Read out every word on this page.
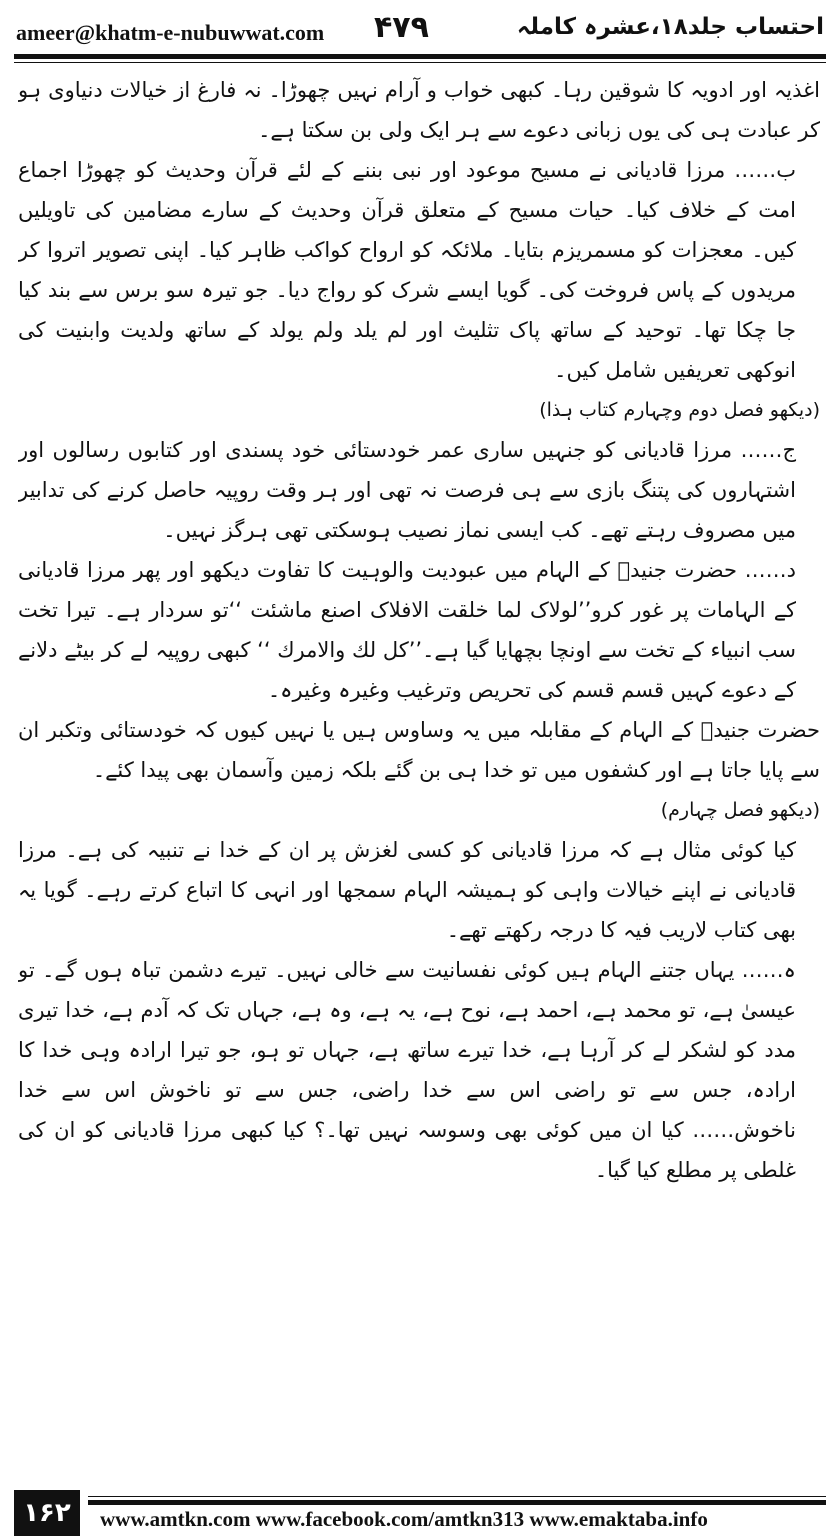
ameer@khatm-e-nubuwwat.com ۴۷۹	احتساب جلد۱۸،عشرہ کاملہ

اغذیہ اور ادویہ کا شوقین رہا۔ کبھی خواب و آرام نہیں چھوڑا۔ نہ فارغ از خیالات دنیاوی ہو کر عبادت ہی کی یوں زبانی دعوے سے ہر ایک ولی بن سکتا ہے۔

ب…… مرزا قادیانی نے مسیح موعود اور نبی بننے کے لئے قرآن وحدیث کو چھوڑا اجماع امت کے خلاف کیا۔ حیات مسیح کے متعلق قرآن وحدیث کے سارے مضامین کی تاویلیں کیں۔ معجزات کو مسمریزم بتایا۔ ملائکہ کو ارواح کواکب ظاہر کیا۔ اپنی تصویر اتروا کر مریدوں کے پاس فروخت کی۔ گویا ایسے شرک کو رواج دیا۔ جو تیرہ سو برس سے بند کیا جا چکا تھا۔ توحید کے ساتھ پاک تثلیث اور لم یلد ولم یولد کے ساتھ ولدیت وابنیت کی انوکھی تعریفیں شامل کیں۔

(دیکھو فصل دوم وچہارم کتاب ہذا)

ج…… مرزا قادیانی کو جنہیں ساری عمر خودستائی خود پسندی اور کتابوں رسالوں اور اشتہاروں کی پتنگ بازی سے ہی فرصت نہ تھی اور ہر وقت روپیہ حاصل کرنے کی تدابیر میں مصروف رہتے تھے۔ کب ایسی نماز نصیب ہوسکتی تھی ہرگز نہیں۔

د…… حضرت جنیدؒ کے الہام میں عبودیت والوہیت کا تفاوت دیکھو اور پھر مرزا قادیانی کے الہامات پر غور کرو’’لولاک لما خلقت الافلاک اصنع ماشئت ‘‘تو سردار ہے۔ تیرا تخت سب انبیاء کے تخت سے اونچا بچھایا گیا ہے۔’’کل لك والامرك ‘‘ کبھی روپیہ لے کر بیٹے دلانے کے دعوے کہیں قسم قسم کی تحریص وترغیب وغیرہ وغیرہ۔

حضرت جنیدؒ کے الہام کے مقابلہ میں یہ وساوس ہیں یا نہیں کیوں کہ خودستائی وتکبر ان سے پایا جاتا ہے اور کشفوں میں تو خدا ہی بن گئے بلکہ زمین وآسمان بھی پیدا کئے۔

(دیکھو فصل چہارم)

کیا کوئی مثال ہے کہ مرزا قادیانی کو کسی لغزش پر ان کے خدا نے تنبیہ کی ہے۔ مرزا قادیانی نے اپنے خیالات واہی کو ہمیشہ الہام سمجھا اور انہی کا اتباع کرتے رہے۔ گویا یہ بھی کتاب لاریب فیہ کا درجہ رکھتے تھے۔

ہ…… یہاں جتنے الہام ہیں کوئی نفسانیت سے خالی نہیں۔ تیرے دشمن تباہ ہوں گے۔ تو عیسیٰ ہے، تو محمد ہے، احمد ہے، نوح ہے، یہ ہے، وہ ہے، جہاں تک کہ آدم ہے، خدا تیری مدد کو لشکر لے کر آرہا ہے، خدا تیرے ساتھ ہے، جہاں تو ہو، جو تیرا ارادہ وہی خدا کا ارادہ، جس سے تو راضی اس سے خدا راضی، جس سے تو ناخوش اس سے خدا ناخوش…… کیا ان میں کوئی بھی وسوسہ نہیں تھا۔؟ کیا کبھی مرزا قادیانی کو ان کی غلطی پر مطلع کیا گیا۔

۱۶۲ www.amtkn.com www.facebook.com/amtkn313 www.emaktaba.info
